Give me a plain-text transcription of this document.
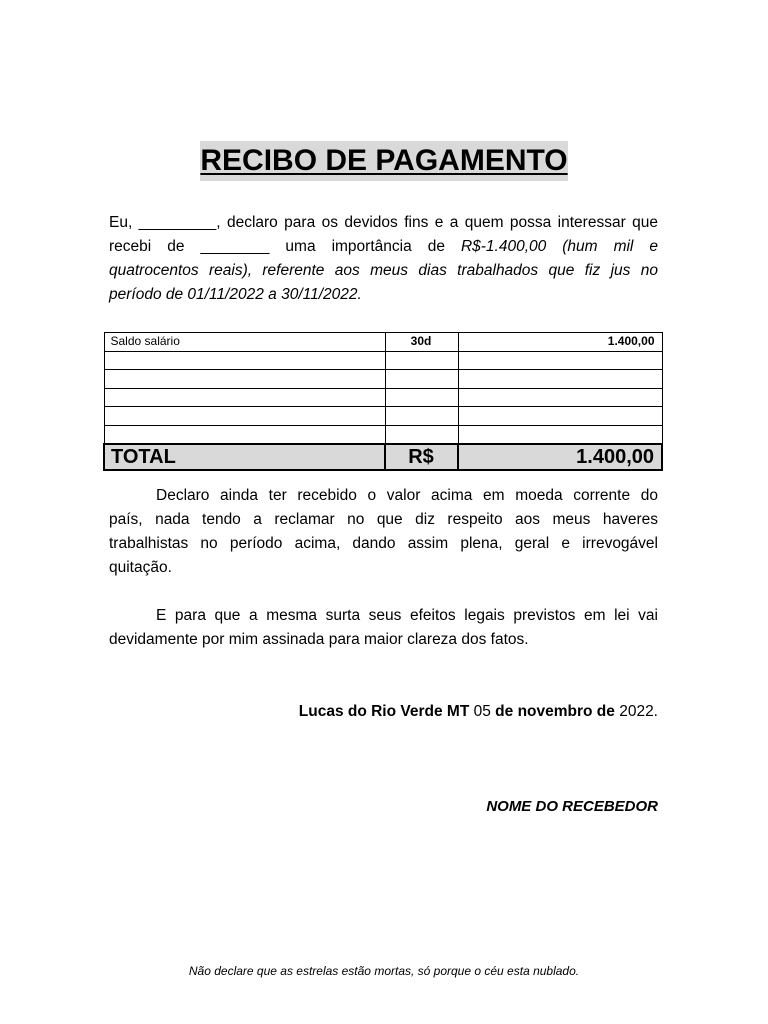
RECIBO DE PAGAMENTO
Eu, _________, declaro para os devidos fins e a quem possa interessar que
recebi de ________ uma importância de R$-1.400,00 (hum mil e
quatrocentos reais), referente aos meus dias trabalhados que fiz jus no
período de 01/11/2022 a 30/11/2022.
Saldo salário	30d	1.400,00

TOTAL	R$	1.400,00
Declaro ainda ter recebido o valor acima em moeda corrente do
país, nada tendo a reclamar no que diz respeito aos meus haveres
trabalhistas no período acima, dando assim plena, geral e irrevogável
quitação.
E para que a mesma surta seus efeitos legais previstos em lei vai
devidamente por mim assinada para maior clareza dos fatos.
Lucas do Rio Verde MT 05 de novembro de 2022.
NOME DO RECEBEDOR
Não declare que as estrelas estão mortas, só porque o céu esta nublado.
